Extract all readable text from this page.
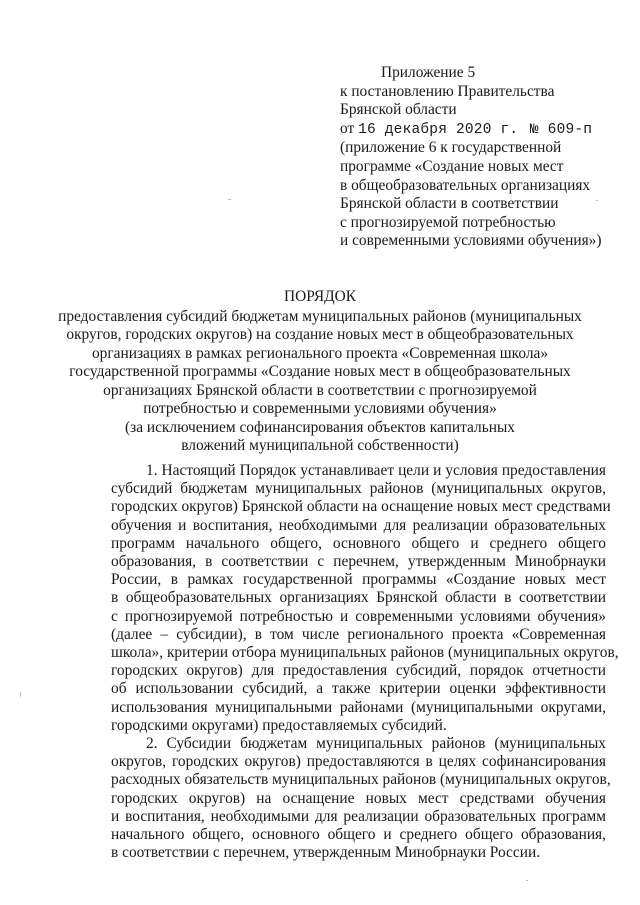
Приложение 5
к постановлению Правительства
Брянской области
от 16 декабря 2020 г. № 609-п
(приложение 6 к государственной
программе «Создание новых мест
в общеобразовательных организациях
Брянской области в соответствии
с прогнозируемой потребностью
и современными условиями обучения»)
ПОРЯДОК
предоставления субсидий бюджетам муниципальных районов (муниципальных
округов, городских округов) на создание новых мест в общеобразовательных
организациях в рамках регионального проекта «Современная школа»
государственной программы «Создание новых мест в общеобразовательных
организациях Брянской области в соответствии с прогнозируемой
потребностью и современными условиями обучения»
(за исключением софинансирования объектов капитальных
вложений муниципальной собственности)
1. Настоящий Порядок устанавливает цели и условия предоставления
субсидий бюджетам муниципальных районов (муниципальных округов,
городских округов) Брянской области на оснащение новых мест средствами
обучения и воспитания, необходимыми для реализации образовательных
программ начального общего, основного общего и среднего общего
образования, в соответствии с перечнем, утвержденным Минобрнауки
России, в рамках государственной программы «Создание новых мест
в общеобразовательных организациях Брянской области в соответствии
с прогнозируемой потребностью и современными условиями обучения»
(далее – субсидии), в том числе регионального проекта «Современная
школа», критерии отбора муниципальных районов (муниципальных округов,
городских округов) для предоставления субсидий, порядок отчетности
об использовании субсидий, а также критерии оценки эффективности
использования муниципальными районами (муниципальными округами,
городскими округами) предоставляемых субсидий.
2. Субсидии бюджетам муниципальных районов (муниципальных
округов, городских округов) предоставляются в целях софинансирования
расходных обязательств муниципальных районов (муниципальных округов,
городских округов) на оснащение новых мест средствами обучения
и воспитания, необходимыми для реализации образовательных программ
начального общего, основного общего и среднего общего образования,
в соответствии с перечнем, утвержденным Минобрнауки России.
